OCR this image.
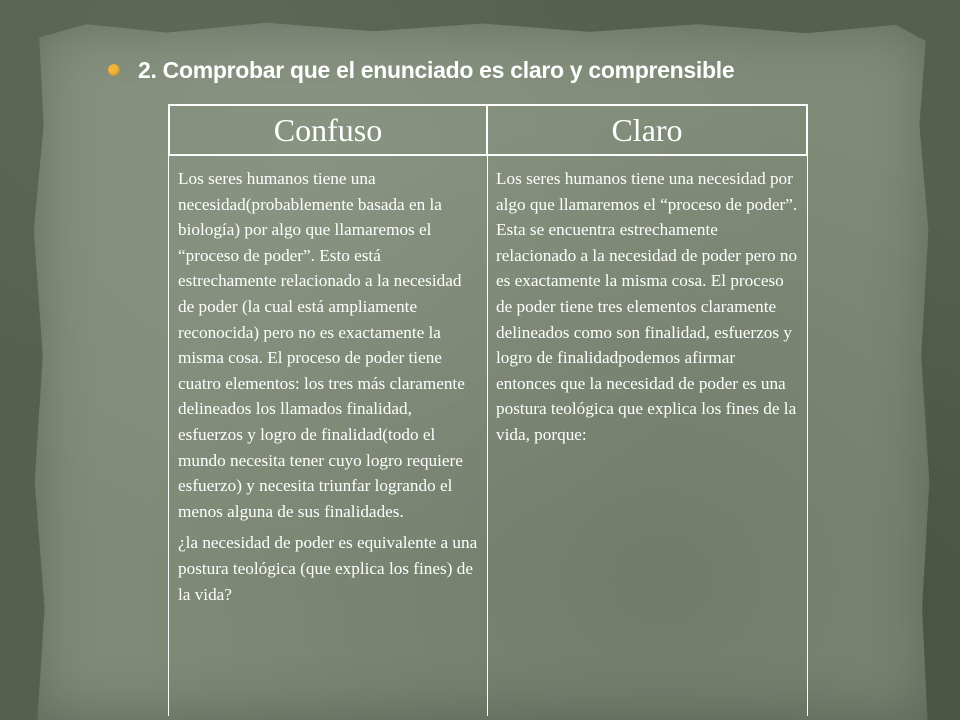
2. Comprobar que el enunciado es claro y comprensible
Confuso	Claro

Los seres humanos tiene una necesidad(probablemente basada en la biología) por algo que llamaremos el “proceso de poder”. Esto está estrechamente relacionado a la necesidad de poder (la cual está ampliamente reconocida) pero no es exactamente la misma cosa. El proceso de poder tiene cuatro elementos: los tres más claramente delineados los llamados finalidad, esfuerzos y logro de finalidad(todo el mundo necesita tener cuyo logro requiere esfuerzo) y necesita triunfar logrando el menos alguna de sus finalidades.

¿la necesidad de poder es equivalente a una postura teológica (que explica los fines) de la vida?

Los seres humanos tiene una necesidad por algo que llamaremos el “proceso de poder”. Esta se encuentra estrechamente relacionado a la necesidad de poder pero no es exactamente la misma cosa. El proceso de poder tiene tres elementos claramente delineados como son finalidad, esfuerzos y logro de finalidadpodemos afirmar entonces que la necesidad de poder es una postura teológica que explica los fines de la vida, porque:
